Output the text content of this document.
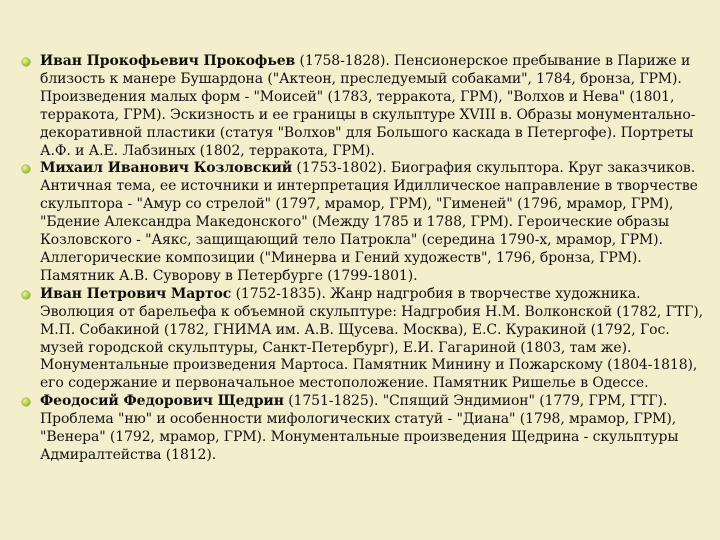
Иван Прокофьевич Прокофьев (1758-1828). Пенсионерское пребывание в Париже и близость к манере Бушардона ("Актеон, преследуемый собаками", 1784, бронза, ГРМ). Произведения малых форм - "Моисей" (1783, терракота, ГРМ), "Волхов и Нева" (1801, терракота, ГРМ). Эскизность и ее границы в скульптуре XVIII в. Образы монументально-декоративной пластики (статуя "Волхов" для Большого каскада в Петергофе). Портреты А.Ф. и А.Е. Лабзиных (1802, терракота, ГРМ).
Михаил Иванович Козловский (1753-1802). Биография скульптора. Круг заказчиков. Античная тема, ее источники и интерпретация Идиллическое направление в творчестве скульптора - "Амур со стрелой" (1797, мрамор, ГРМ), "Гименей" (1796, мрамор, ГРМ), "Бдение Александра Македонского" (Между 1785 и 1788, ГРМ). Героические образы Козловского - "Аякс, защищающий тело Патрокла" (середина 1790-х, мрамор, ГРМ). Аллегорические композиции ("Минерва и Гений художеств", 1796, бронза, ГРМ). Памятник А.В. Суворову в Петербурге (1799-1801).
Иван Петрович Мартос (1752-1835). Жанр надгробия в творчестве художника. Эволюция от барельефа к объемной скульптуре: Надгробия Н.М. Волконской (1782, ГТГ), М.П. Собакиной (1782, ГНИМА им. А.В. Щусева. Москва), Е.С. Куракиной (1792, Гос. музей городской скульптуры, Санкт-Петербург), Е.И. Гагариной (1803, там же). Монументальные произведения Мартоса. Памятник Минину и Пожарскому (1804-1818), его содержание и первоначальное местоположение. Памятник Ришелье в Одессе.
Феодосий Федорович Щедрин (1751-1825). "Спящий Эндимион" (1779, ГРМ, ГТГ). Проблема "ню" и особенности мифологических статуй - "Диана" (1798, мрамор, ГРМ), "Венера" (1792, мрамор, ГРМ). Монументальные произведения Щедрина - скульптуры Адмиралтейства (1812).
